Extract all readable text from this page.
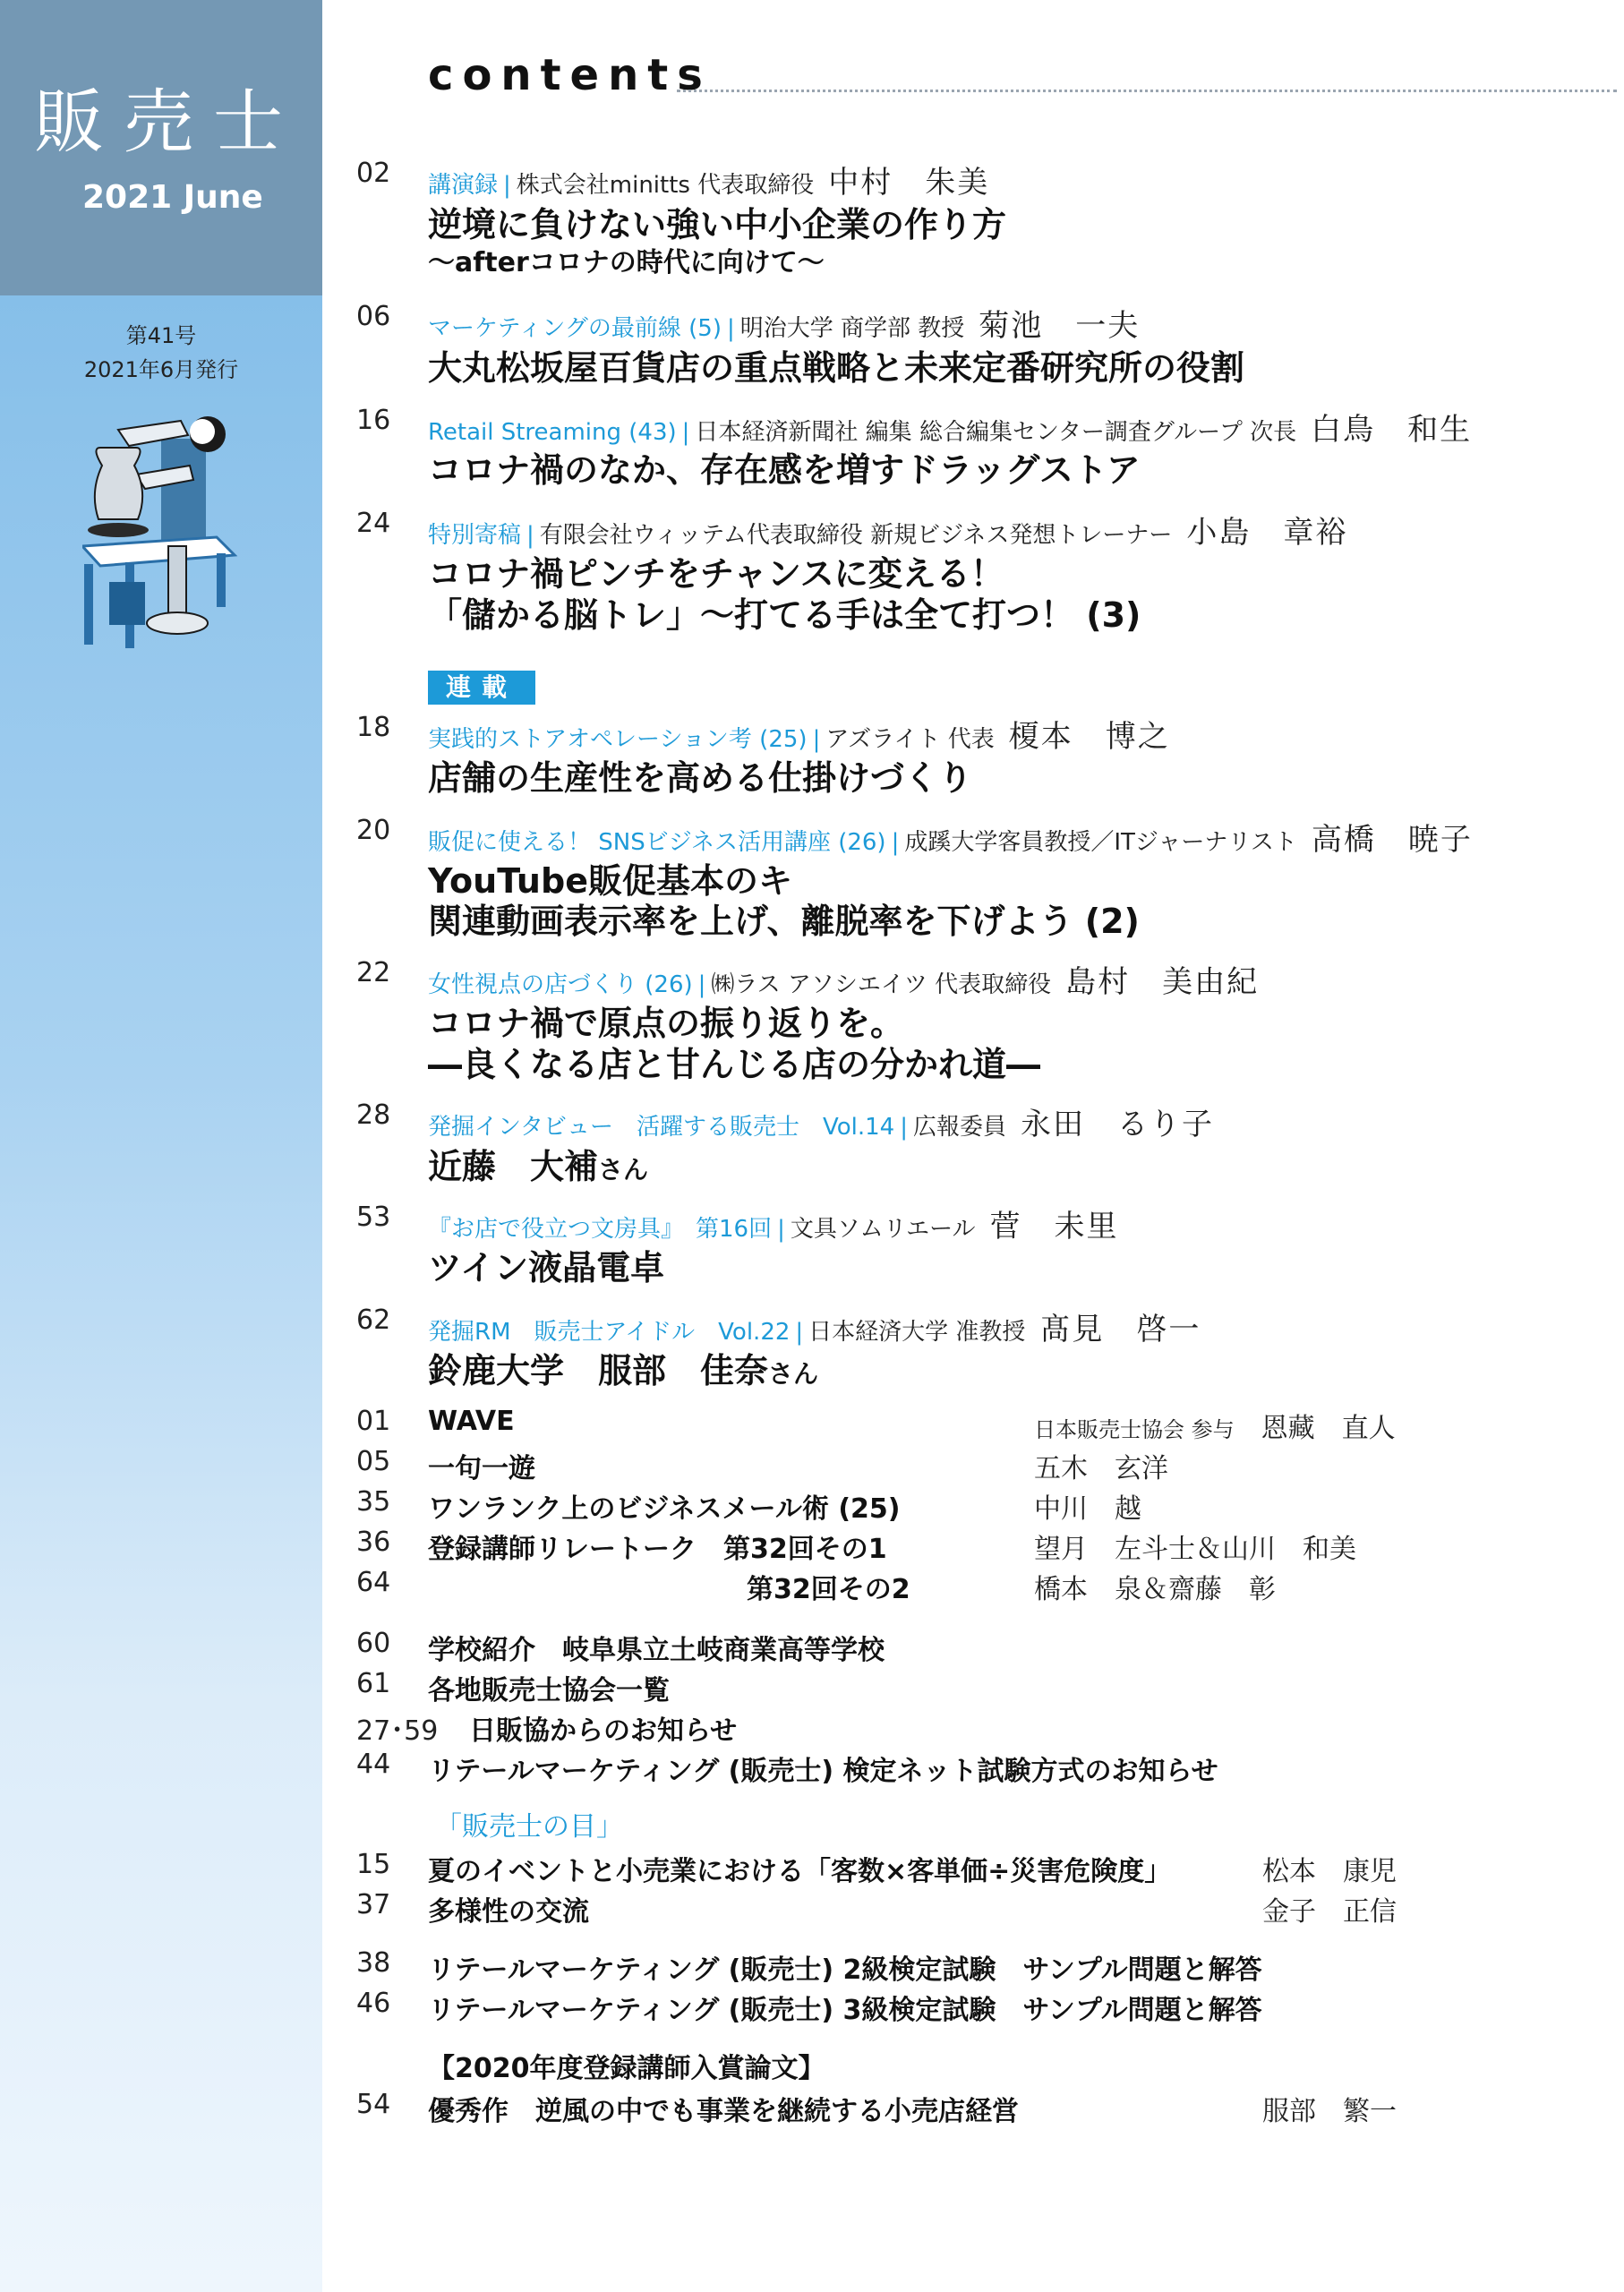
販売士
2021 June
第41号
2021年6月発行
contents
02 講演録 | 株式会社minitts 代表取締役 中村　朱美
逆境に負けない強い中小企業の作り方
～afterコロナの時代に向けて～
06 マーケティングの最前線 (5) | 明治大学 商学部 教授 菊池　一夫
大丸松坂屋百貨店の重点戦略と未来定番研究所の役割
16 Retail Streaming (43) | 日本経済新聞社 編集 総合編集センター調査グループ 次長 白鳥　和生
コロナ禍のなか、存在感を増すドラッグストア
24 特別寄稿 | 有限会社ウィッテム代表取締役 新規ビジネス発想トレーナー 小島　章裕
コロナ禍ピンチをチャンスに変える！
「儲かる脳トレ」～打てる手は全て打つ！ (3)
連載
18 実践的ストアオペレーション考 (25) | アズライト 代表 榎本　博之
店舗の生産性を高める仕掛けづくり
20 販促に使える！ SNSビジネス活用講座 (26) | 成蹊大学客員教授／ITジャーナリスト 高橋　暁子
YouTube販促基本のキ
関連動画表示率を上げ、離脱率を下げよう (2)
22 女性視点の店づくり (26) | ㈱ラス アソシエイツ 代表取締役 島村　美由紀
コロナ禍で原点の振り返りを。
―良くなる店と甘んじる店の分かれ道―
28 発掘インタビュー　活躍する販売士　Vol.14 | 広報委員 永田　るり子
近藤　大補さん
53 『お店で役立つ文房具』　第16回 | 文具ソムリエール 菅　未里
ツイン液晶電卓
62 発掘RM　販売士アイドル　Vol.22 | 日本経済大学 准教授 髙見　啓一
鈴鹿大学　服部　佳奈さん
01 WAVE	日本販売士協会 参与　 恩藏　直人
05 一句一遊	五木　玄洋
35 ワンランク上のビジネスメール術 (25)	中川　越
36 登録講師リレートーク　第32回その1	望月　左斗士＆山川　和美
64	第32回その2	橋本　泉＆齋藤　彰
60 学校紹介　岐阜県立土岐商業高等学校
61 各地販売士協会一覧
27･59 日販協からのお知らせ
44 リテールマーケティング (販売士) 検定ネット試験方式のお知らせ
「販売士の目」
15 夏のイベントと小売業における「客数×客単価÷災害危険度」	松本　康児
37 多様性の交流	金子　正信
38 リテールマーケティング (販売士) 2級検定試験　サンプル問題と解答
46 リテールマーケティング (販売士) 3級検定試験　サンプル問題と解答
【2020年度登録講師入賞論文】
54 優秀作　逆風の中でも事業を継続する小売店経営	服部　繁一
